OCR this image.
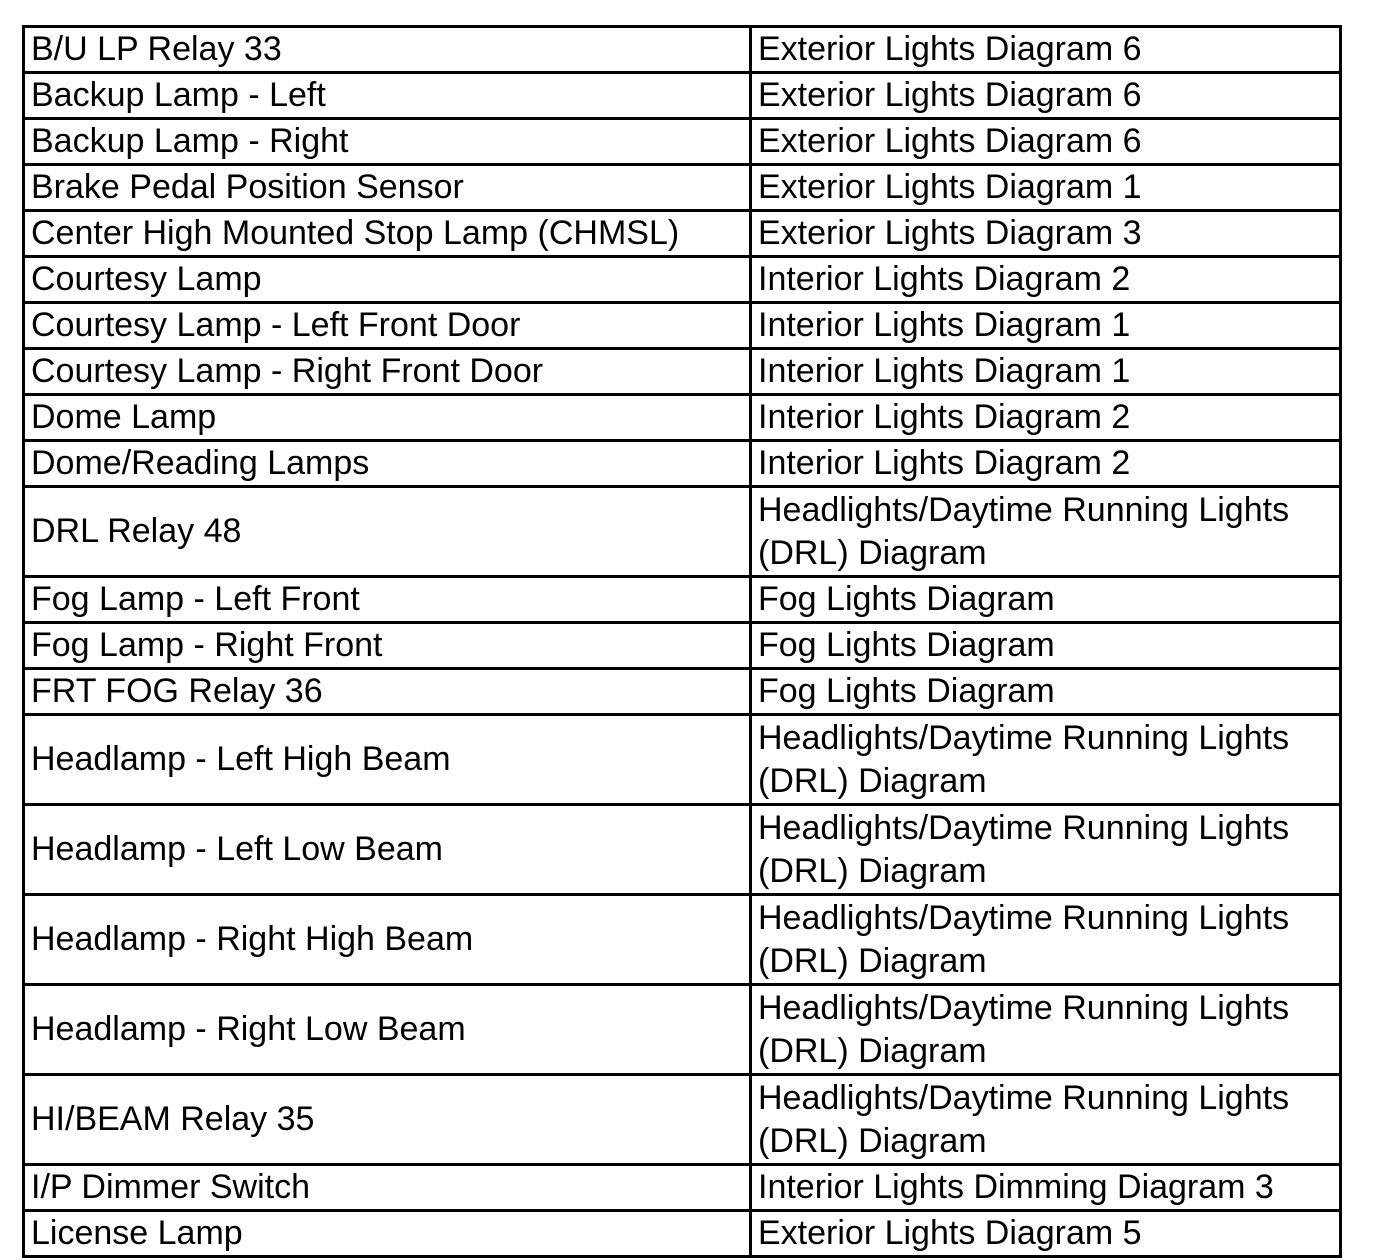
B/U LP Relay 33	Exterior Lights Diagram 6

Backup Lamp - Left	Exterior Lights Diagram 6

Backup Lamp - Right	Exterior Lights Diagram 6

Brake Pedal Position Sensor	Exterior Lights Diagram 1

Center High Mounted Stop Lamp (CHMSL)	Exterior Lights Diagram 3

Courtesy Lamp	Interior Lights Diagram 2

Courtesy Lamp - Left Front Door	Interior Lights Diagram 1

Courtesy Lamp - Right Front Door	Interior Lights Diagram 1

Dome Lamp	Interior Lights Diagram 2

Dome/Reading Lamps	Interior Lights Diagram 2

DRL Relay 48	Headlights/Daytime Running Lights
(DRL) Diagram

Fog Lamp - Left Front	Fog Lights Diagram

Fog Lamp - Right Front	Fog Lights Diagram

FRT FOG Relay 36	Fog Lights Diagram

Headlamp - Left High Beam	Headlights/Daytime Running Lights
(DRL) Diagram

Headlamp - Left Low Beam	Headlights/Daytime Running Lights
(DRL) Diagram

Headlamp - Right High Beam	Headlights/Daytime Running Lights
(DRL) Diagram

Headlamp - Right Low Beam	Headlights/Daytime Running Lights
(DRL) Diagram

HI/BEAM Relay 35	Headlights/Daytime Running Lights
(DRL) Diagram

I/P Dimmer Switch	Interior Lights Dimming Diagram 3

License Lamp	Exterior Lights Diagram 5
